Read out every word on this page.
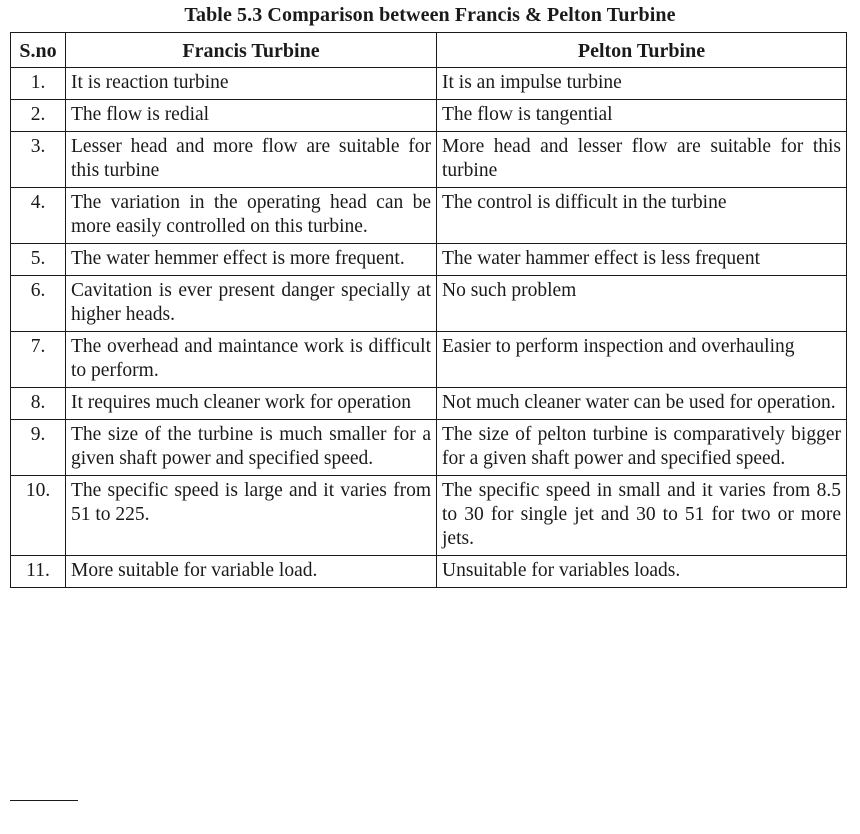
Table 5.3 Comparison between Francis & Pelton Turbine
S.no	Francis Turbine	Pelton Turbine
1.	It is reaction turbine	It is an impulse turbine
2.	The flow is redial	The flow is tangential
3.	Lesser head and more flow are suitable for this turbine	More head and lesser flow are suitable for this turbine
4.	The variation in the operating head can be more easily controlled on this turbine.	The control is difficult in the turbine
5.	The water hemmer effect is more frequent.	The water hammer effect is less frequent
6.	Cavitation is ever present danger specially at higher heads.	No such problem
7.	The overhead and maintance work is difficult to perform.	Easier to perform inspection and overhauling
8.	It requires much cleaner work for operation	Not much cleaner water can be used for operation.
9.	The size of the turbine is much smaller for a given shaft power and specified speed.	The size of pelton turbine is comparatively bigger for a given shaft power and specified speed.
10.	The specific speed is large and it varies from 51 to 225.	The specific speed in small and it varies from 8.5 to 30 for single jet and 30 to 51 for two or more jets.
11.	More suitable for variable load.	Unsuitable for variables loads.
